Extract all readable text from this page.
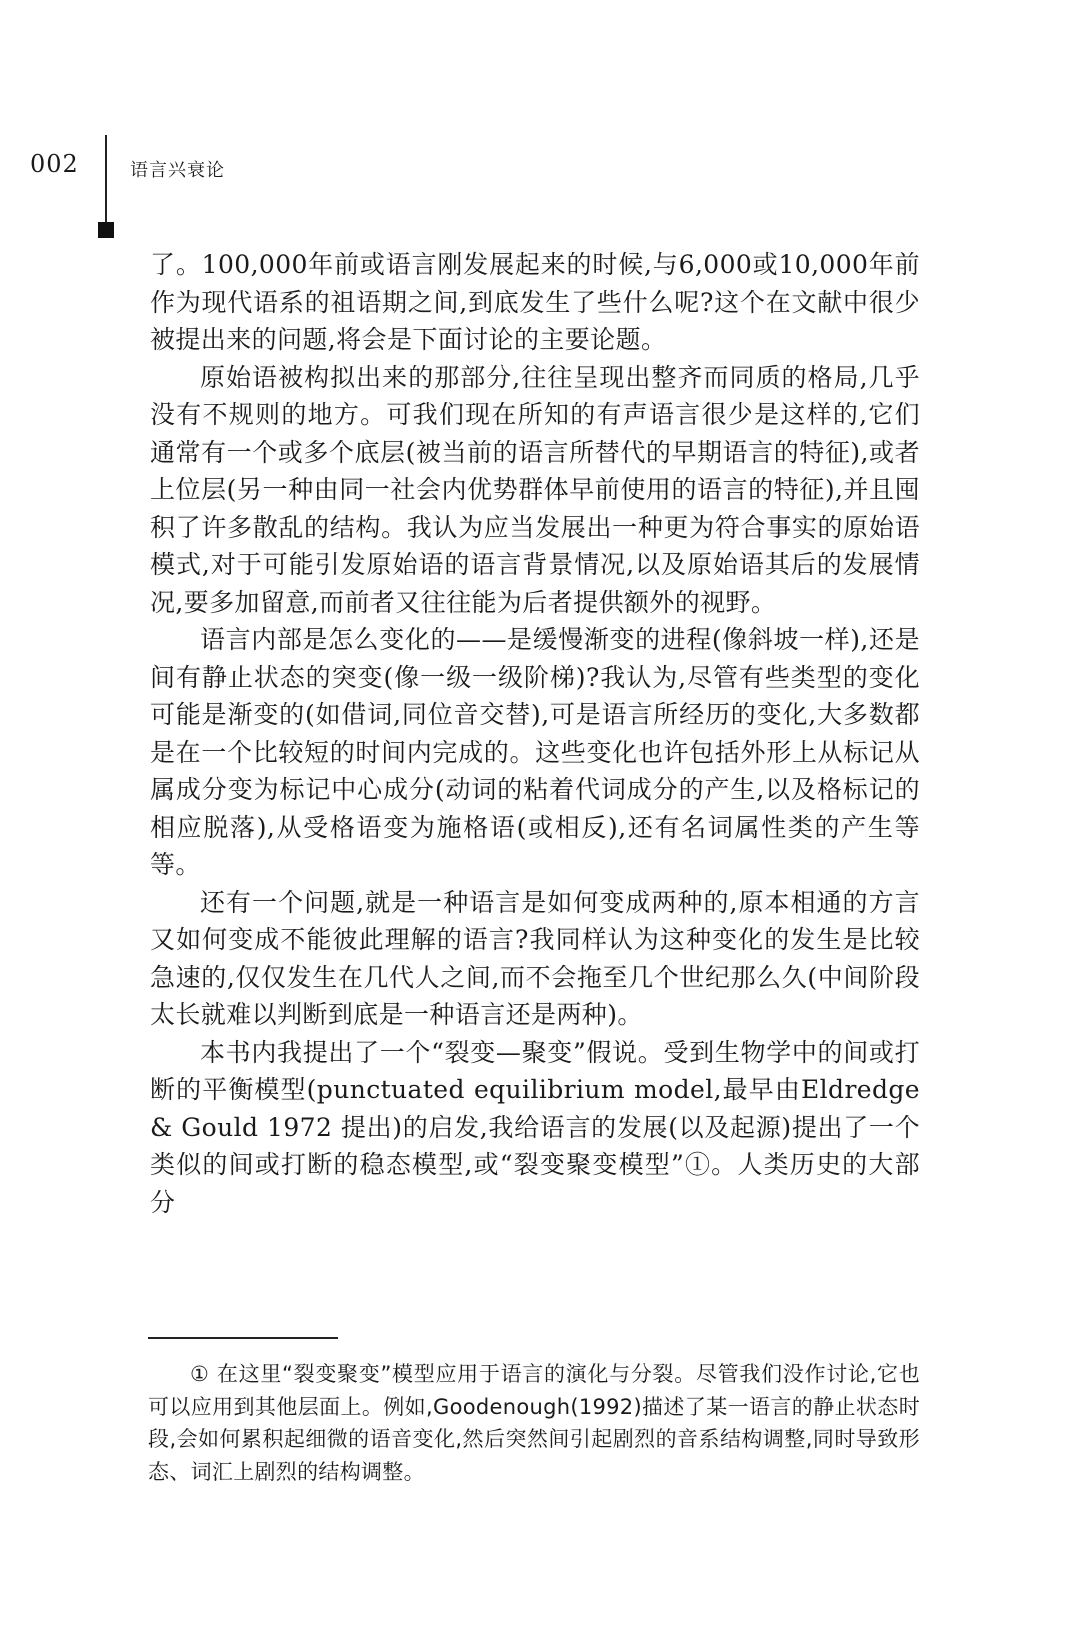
002	语言兴衰论

了。100,000年前或语言刚发展起来的时候,与6,000或10,000年前作为现代语系的祖语期之间,到底发生了些什么呢?这个在文献中很少被提出来的问题,将会是下面讨论的主要论题。

原始语被构拟出来的那部分,往往呈现出整齐而同质的格局,几乎没有不规则的地方。可我们现在所知的有声语言很少是这样的,它们通常有一个或多个底层(被当前的语言所替代的早期语言的特征),或者上位层(另一种由同一社会内优势群体早前使用的语言的特征),并且囤积了许多散乱的结构。我认为应当发展出一种更为符合事实的原始语模式,对于可能引发原始语的语言背景情况,以及原始语其后的发展情况,要多加留意,而前者又往往能为后者提供额外的视野。

语言内部是怎么变化的——是缓慢渐变的进程(像斜坡一样),还是间有静止状态的突变(像一级一级阶梯)?我认为,尽管有些类型的变化可能是渐变的(如借词,同位音交替),可是语言所经历的变化,大多数都是在一个比较短的时间内完成的。这些变化也许包括外形上从标记从属成分变为标记中心成分(动词的粘着代词成分的产生,以及格标记的相应脱落),从受格语变为施格语(或相反),还有名词属性类的产生等等。

还有一个问题,就是一种语言是如何变成两种的,原本相通的方言又如何变成不能彼此理解的语言?我同样认为这种变化的发生是比较急速的,仅仅发生在几代人之间,而不会拖至几个世纪那么久(中间阶段太长就难以判断到底是一种语言还是两种)。

本书内我提出了一个“裂变—聚变”假说。受到生物学中的间或打断的平衡模型(punctuated equilibrium model,最早由Eldredge & Gould 1972 提出)的启发,我给语言的发展(以及起源)提出了一个类似的间或打断的稳态模型,或“裂变聚变模型”①。人类历史的大部分

① 在这里“裂变聚变”模型应用于语言的演化与分裂。尽管我们没作讨论,它也可以应用到其他层面上。例如,Goodenough(1992)描述了某一语言的静止状态时段,会如何累积起细微的语音变化,然后突然间引起剧烈的音系结构调整,同时导致形态、词汇上剧烈的结构调整。
